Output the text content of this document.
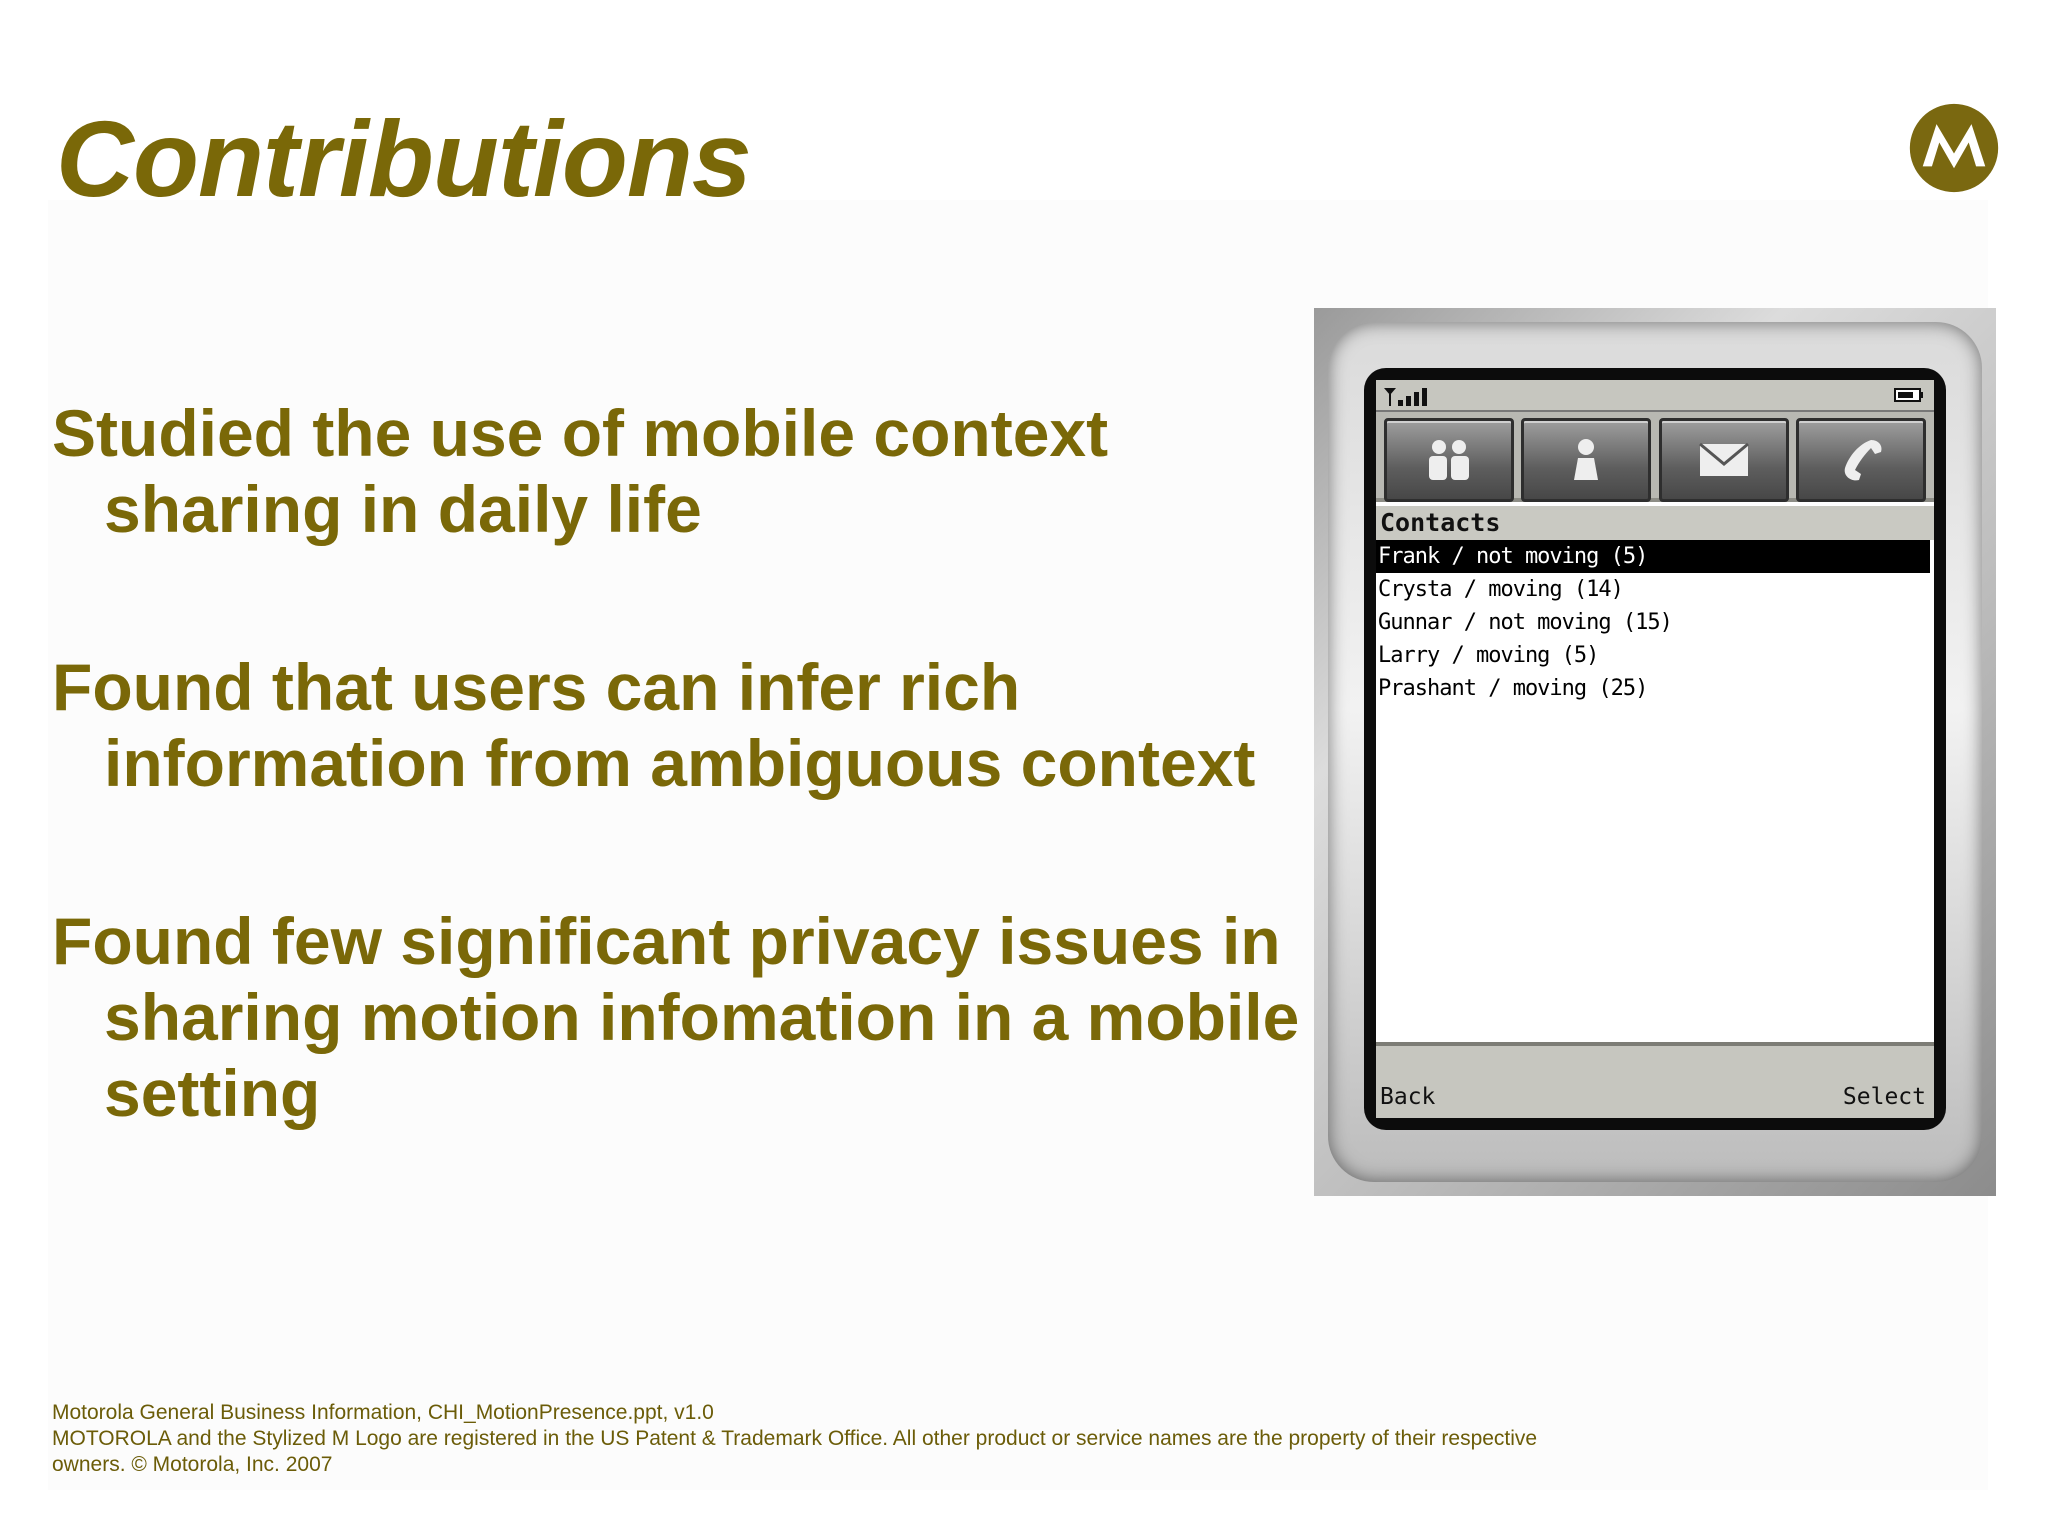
Contributions

Studied the use of mobile context sharing in daily life

Found that users can infer rich information from ambiguous context

Found few significant privacy issues in sharing motion infomation in a mobile setting

Contacts
Frank / not moving (5)
Crysta / moving (14)
Gunnar / not moving (15)
Larry / moving (5)
Prashant / moving (25)
Back	Select
Motorola General Business Information, CHI_MotionPresence.ppt, v1.0
MOTOROLA and the Stylized M Logo are registered in the US Patent & Trademark Office. All other product or service names are the property of their respective owners. © Motorola, Inc. 2007
